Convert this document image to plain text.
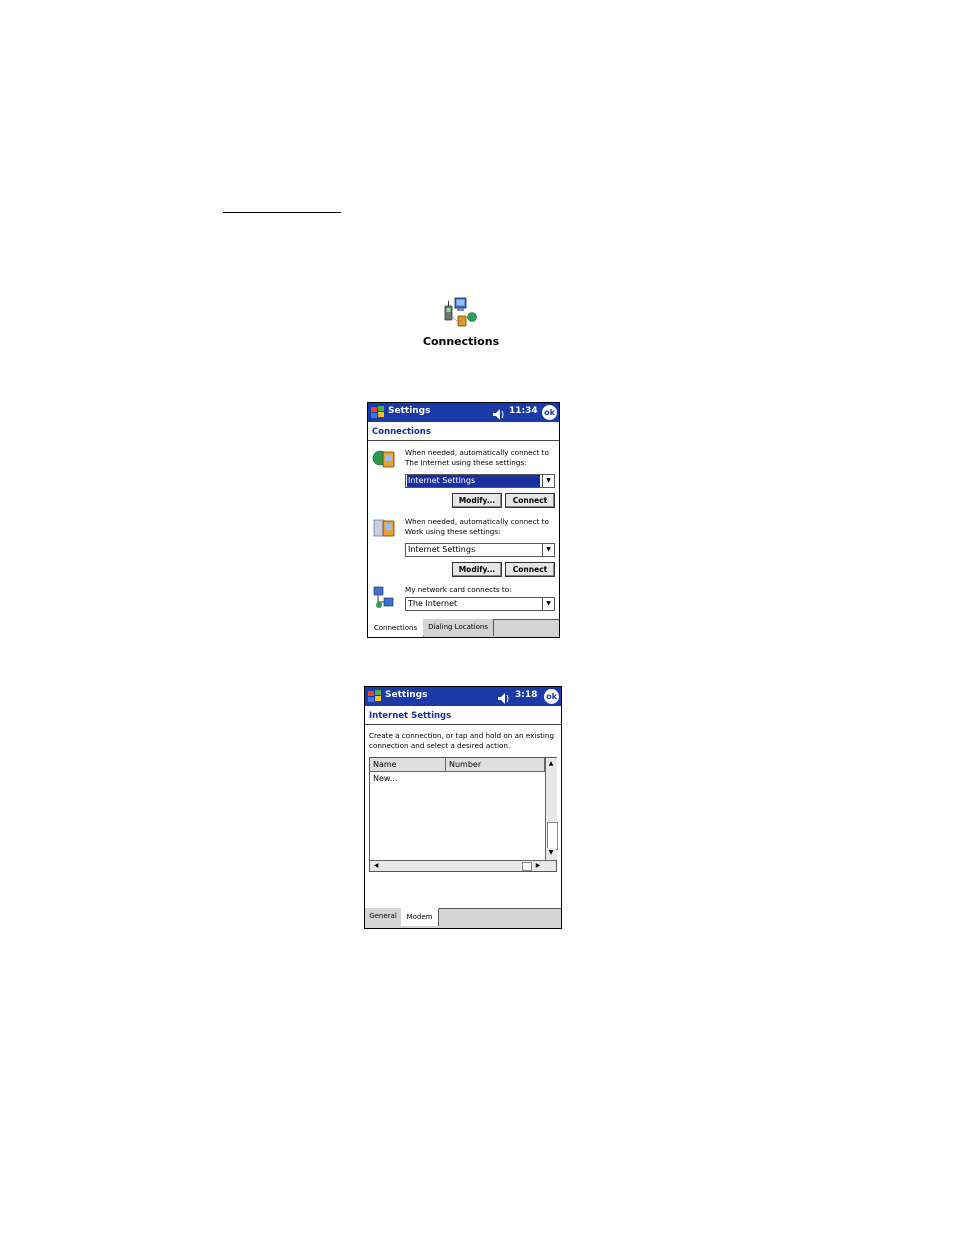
Connections
Settings	11:34 ok
Connections
When needed, automatically connect to The Internet using these settings:
Internet Settings	▼
Modify...	Connect
When needed, automatically connect to Work using these settings:
Internet Settings	▼
Modify...	Connect
My network card connects to:
The Internet	▼
Connections	Dialing Locations
Settings	3:18 ok
Internet Settings
Create a connection, or tap and hold on an existing connection and select a desired action.
Name	Number
New...
▲
▼
◀	▶
General	Modem
